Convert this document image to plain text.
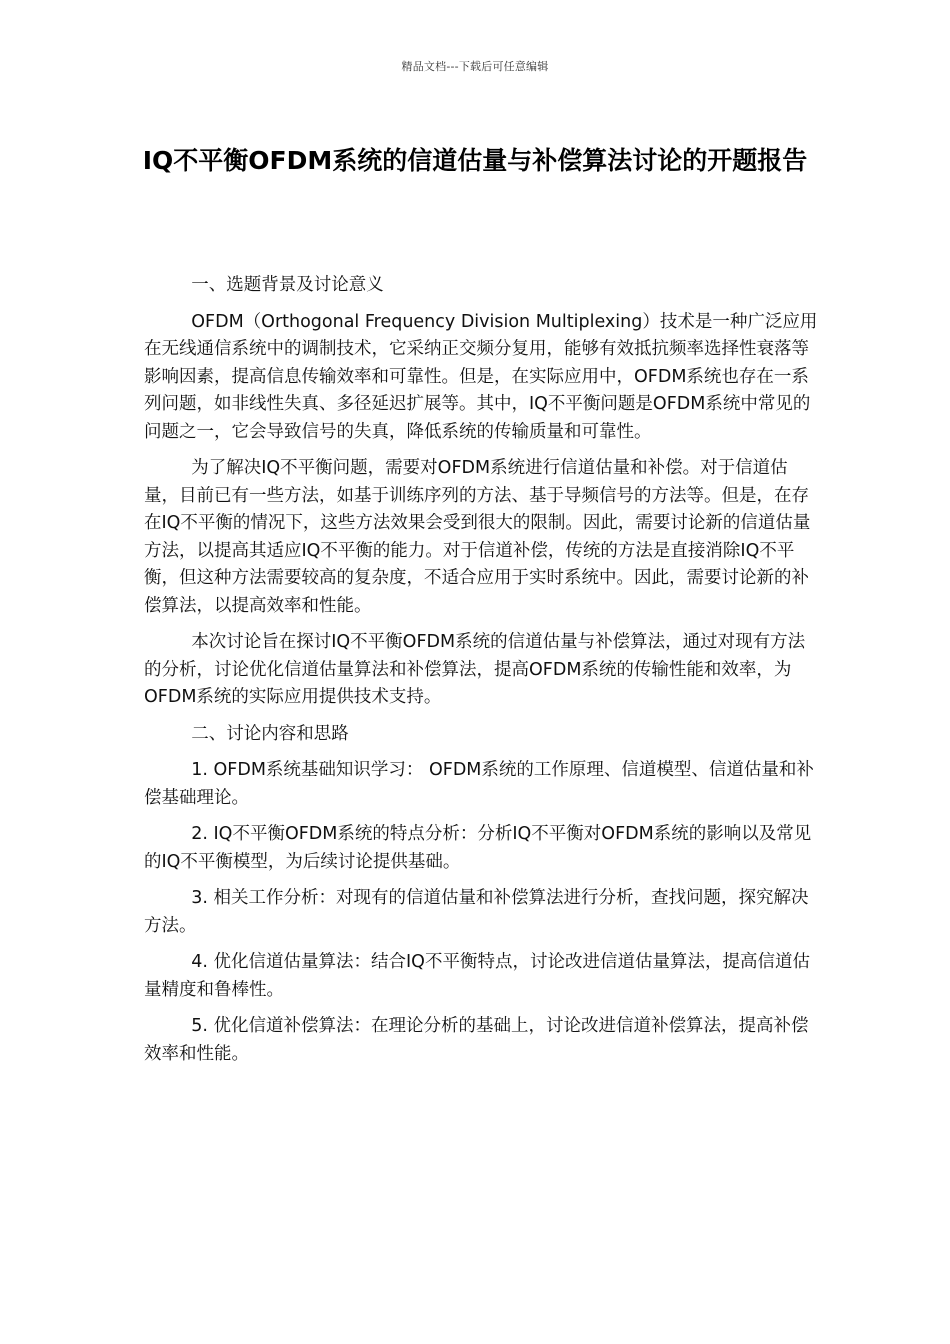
精品文档---下载后可任意编辑
IQ不平衡OFDM系统的信道估量与补偿算法讨论的开题报告

一、选题背景及讨论意义

OFDM（Orthogonal Frequency Division Multiplexing）技术是一种广泛应用在无线通信系统中的调制技术，它采纳正交频分复用，能够有效抵抗频率选择性衰落等影响因素，提高信息传输效率和可靠性。但是，在实际应用中，OFDM系统也存在一系列问题，如非线性失真、多径延迟扩展等。其中，IQ不平衡问题是OFDM系统中常见的问题之一，它会导致信号的失真，降低系统的传输质量和可靠性。

为了解决IQ不平衡问题，需要对OFDM系统进行信道估量和补偿。对于信道估量，目前已有一些方法，如基于训练序列的方法、基于导频信号的方法等。但是，在存在IQ不平衡的情况下，这些方法效果会受到很大的限制。因此，需要讨论新的信道估量方法，以提高其适应IQ不平衡的能力。对于信道补偿，传统的方法是直接消除IQ不平衡，但这种方法需要较高的复杂度，不适合应用于实时系统中。因此，需要讨论新的补偿算法，以提高效率和性能。

本次讨论旨在探讨IQ不平衡OFDM系统的信道估量与补偿算法，通过对现有方法的分析，讨论优化信道估量算法和补偿算法，提高OFDM系统的传输性能和效率，为OFDM系统的实际应用提供技术支持。

二、讨论内容和思路

1. OFDM系统基础知识学习： OFDM系统的工作原理、信道模型、信道估量和补偿基础理论。

2. IQ不平衡OFDM系统的特点分析：分析IQ不平衡对OFDM系统的影响以及常见的IQ不平衡模型，为后续讨论提供基础。

3. 相关工作分析：对现有的信道估量和补偿算法进行分析，查找问题，探究解决方法。

4. 优化信道估量算法：结合IQ不平衡特点，讨论改进信道估量算法，提高信道估量精度和鲁棒性。

5. 优化信道补偿算法：在理论分析的基础上，讨论改进信道补偿算法，提高补偿效率和性能。
